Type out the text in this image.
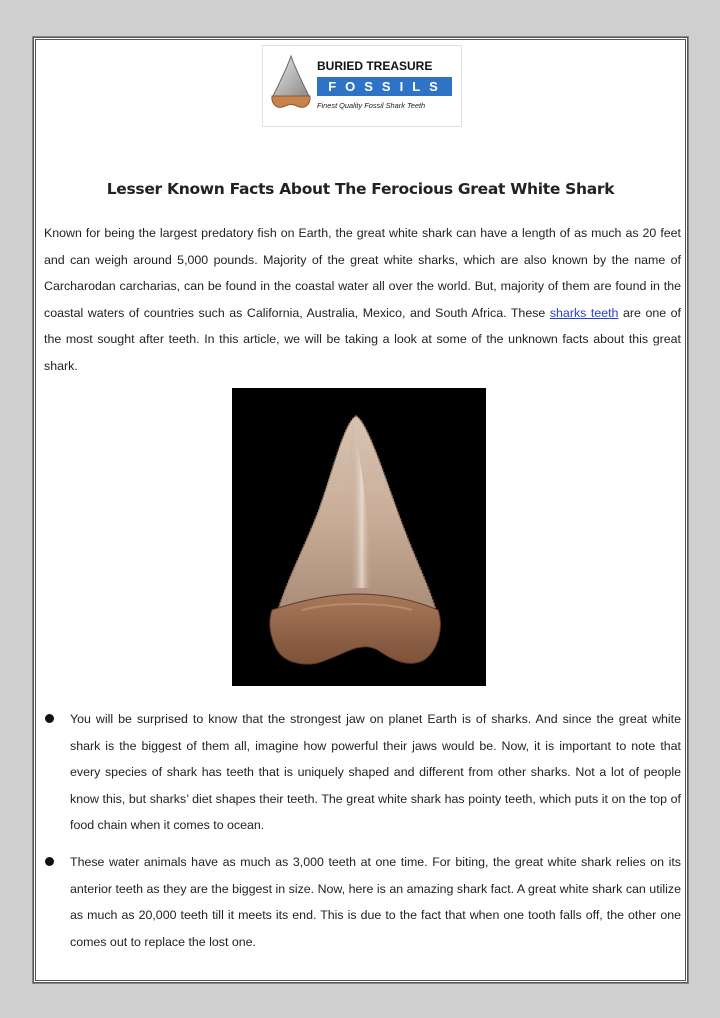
BURIED TREASURE
FOSSILS
Finest Quality Fossil Shark Teeth
Lesser Known Facts About The Ferocious Great White Shark

Known for being the largest predatory fish on Earth, the great white shark can have a length of as much as 20 feet and can weigh around 5,000 pounds. Majority of the great white sharks, which are also known by the name of Carcharodan carcharias, can be found in the coastal water all over the world. But, majority of them are found in the coastal waters of countries such as California, Australia, Mexico, and South Africa. These sharks teeth are one of the most sought after teeth. In this article, we will be taking a look at some of the unknown facts about this great shark.

You will be surprised to know that the strongest jaw on planet Earth is of sharks. And since the great white shark is the biggest of them all, imagine how powerful their jaws would be. Now, it is important to note that every species of shark has teeth that is uniquely shaped and different from other sharks. Not a lot of people know this, but sharks’ diet shapes their teeth. The great white shark has pointy teeth, which puts it on the top of food chain when it comes to ocean.
These water animals have as much as 3,000 teeth at one time. For biting, the great white shark relies on its anterior teeth as they are the biggest in size. Now, here is an amazing shark fact. A great white shark can utilize as much as 20,000 teeth till it meets its end. This is due to the fact that when one tooth falls off, the other one comes out to replace the lost one.
